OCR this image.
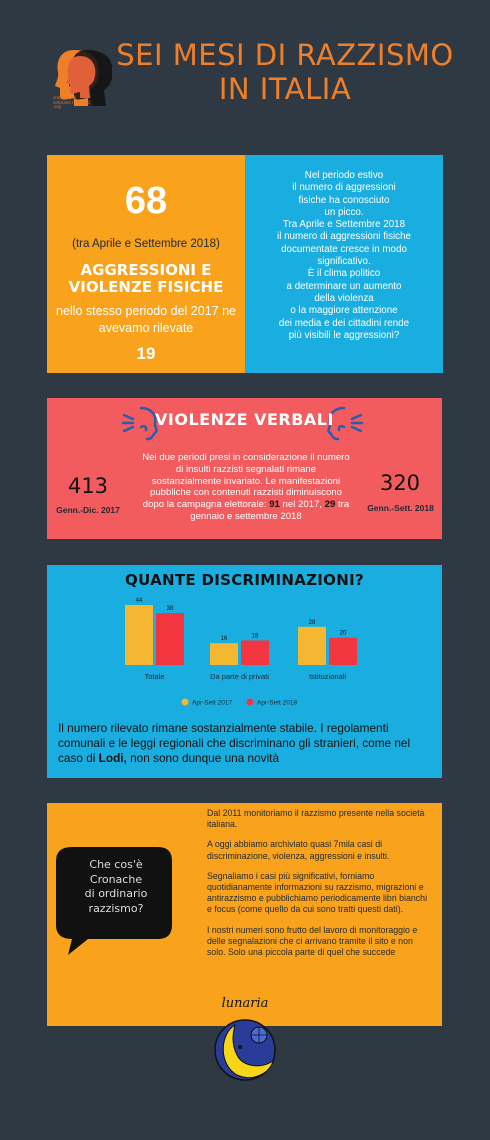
cronache di ordinario razzismo .org
SEI MESI DI RAZZISMO
IN ITALIA
68
(tra Aprile e Settembre 2018)
AGGRESSIONI E
VIOLENZE FISICHE
nello stesso periodo del 2017 ne avevamo rilevate
19
Nel periodo estivo
il numero di aggressioni
fisiche ha conosciuto
un picco.
Tra Aprile e Settembre 2018
il numero di aggressioni fisiche
documentate cresce in modo
significativo.
È il clima politico
a determinare un aumento
della violenza
o la maggiore attenzione
dei media e dei cittadini rende
più visibili le aggressioni?
VIOLENZE VERBALI
413
Genn.-Dic. 2017
320
Genn.-Sett. 2018
Nei due periodi presi in considerazione il numero di insulti razzisti segnalati rimane sostanzialmente invariato. Le manifestazioni pubbliche con contenuti razzisti diminuiscono dopo la campagna elettorale: 91 nel 2017, 29 tra gennaio e settembre 2018
QUANTE DISCRIMINAZIONI?
44
38
Totale
16	18
Da parte di privati
28
20
Istituzionali
Apr-Sett 2017	Apr-Sett 2018
Il numero rilevato rimane sostanzialmente stabile. I regolamenti comunali e le leggi regionali che discriminano gli stranieri, come nel caso di Lodi, non sono dunque una novità
Che cos'è
Cronache
di ordinario
razzismo?

Dal 2011 monitoriamo il razzismo presente nella società italiana.

A oggi abbiamo archiviato quasi 7mila casi di discriminazione, violenza, aggressioni e insulti.

Segnaliamo i casi più significativi, forniamo quotidianamente informazioni su razzismo, migrazioni e antirazzismo e pubblichiamo periodicamente libri bianchi e focus (come quello da cui sono tratti questi dati).

I nostri numeri sono frutto del lavoro di monitoraggio e delle segnalazioni che ci arrivano tramite il sito e non solo. Solo una piccola parte di quel che succede

lunaria
